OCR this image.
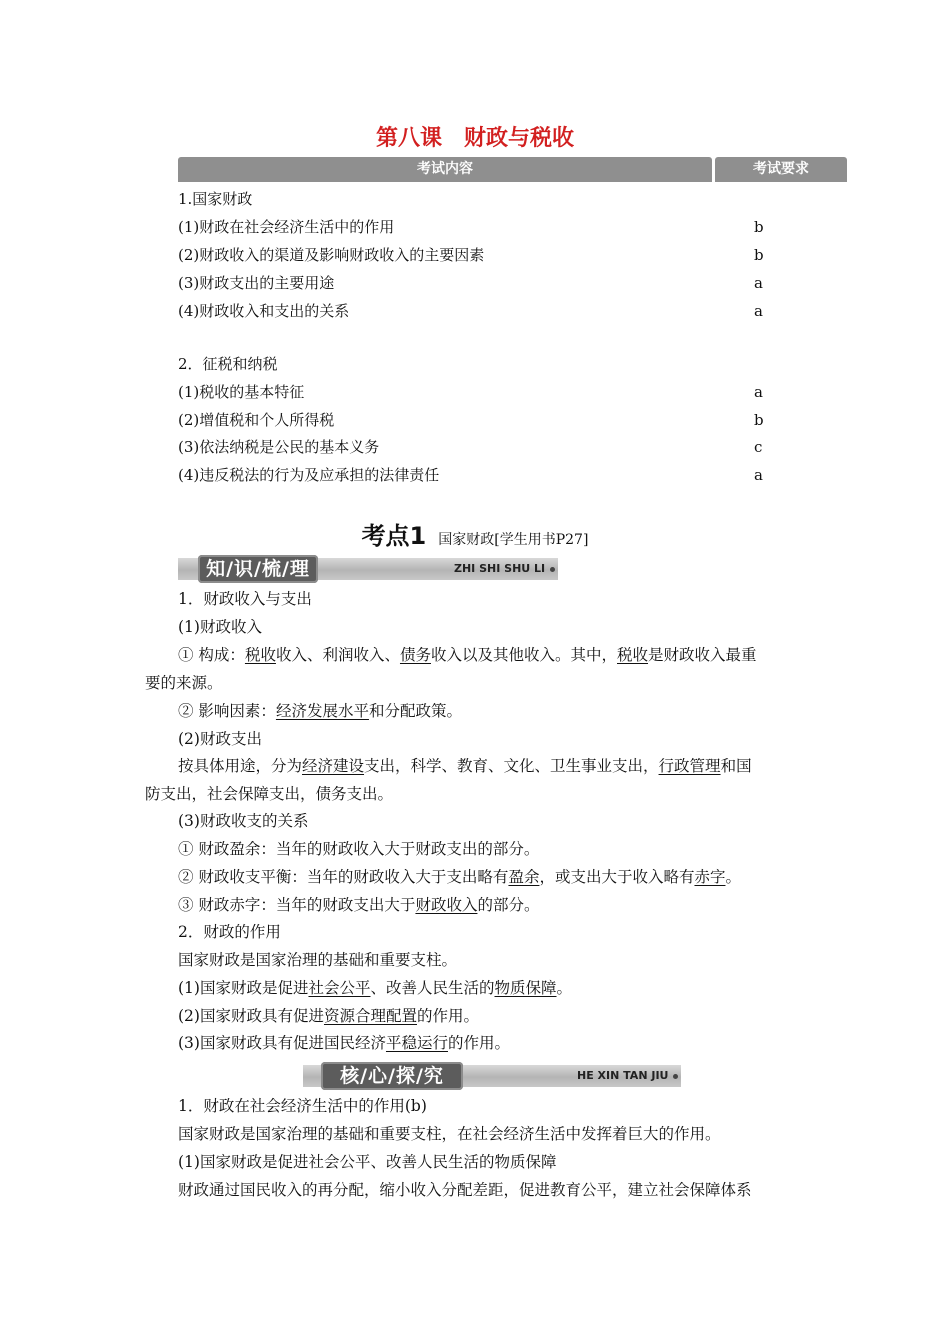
第八课 财政与税收
考试内容	考试要求
1.国家财政
(1)财政在社会经济生活中的作用	b
(2)财政收入的渠道及影响财政收入的主要因素	b
(3)财政支出的主要用途	a
(4)财政收入和支出的关系	a
2．征税和纳税
(1)税收的基本特征	a
(2)增值税和个人所得税	b
(3)依法纳税是公民的基本义务	c
(4)违反税法的行为及应承担的法律责任	a
考点1 国家财政[学生用书P27]
知/识/梳/理	ZHI SHI SHU LI
1．财政收入与支出
(1)财政收入
① 构成：税收收入、利润收入、债务收入以及其他收入。其中，税收是财政收入最重
要的来源。
② 影响因素：经济发展水平和分配政策。
(2)财政支出
按具体用途，分为经济建设支出，科学、教育、文化、卫生事业支出，行政管理和国
防支出，社会保障支出，债务支出。
(3)财政收支的关系
① 财政盈余：当年的财政收入大于财政支出的部分。
② 财政收支平衡：当年的财政收入大于支出略有盈余，或支出大于收入略有赤字。
③ 财政赤字：当年的财政支出大于财政收入的部分。
2．财政的作用
国家财政是国家治理的基础和重要支柱。
(1)国家财政是促进社会公平、改善人民生活的物质保障。
(2)国家财政具有促进资源合理配置的作用。
(3)国家财政具有促进国民经济平稳运行的作用。
核/心/探/究	HE XIN TAN JIU
1．财政在社会经济生活中的作用(b)
国家财政是国家治理的基础和重要支柱，在社会经济生活中发挥着巨大的作用。
(1)国家财政是促进社会公平、改善人民生活的物质保障
财政通过国民收入的再分配，缩小收入分配差距，促进教育公平，建立社会保障体系
